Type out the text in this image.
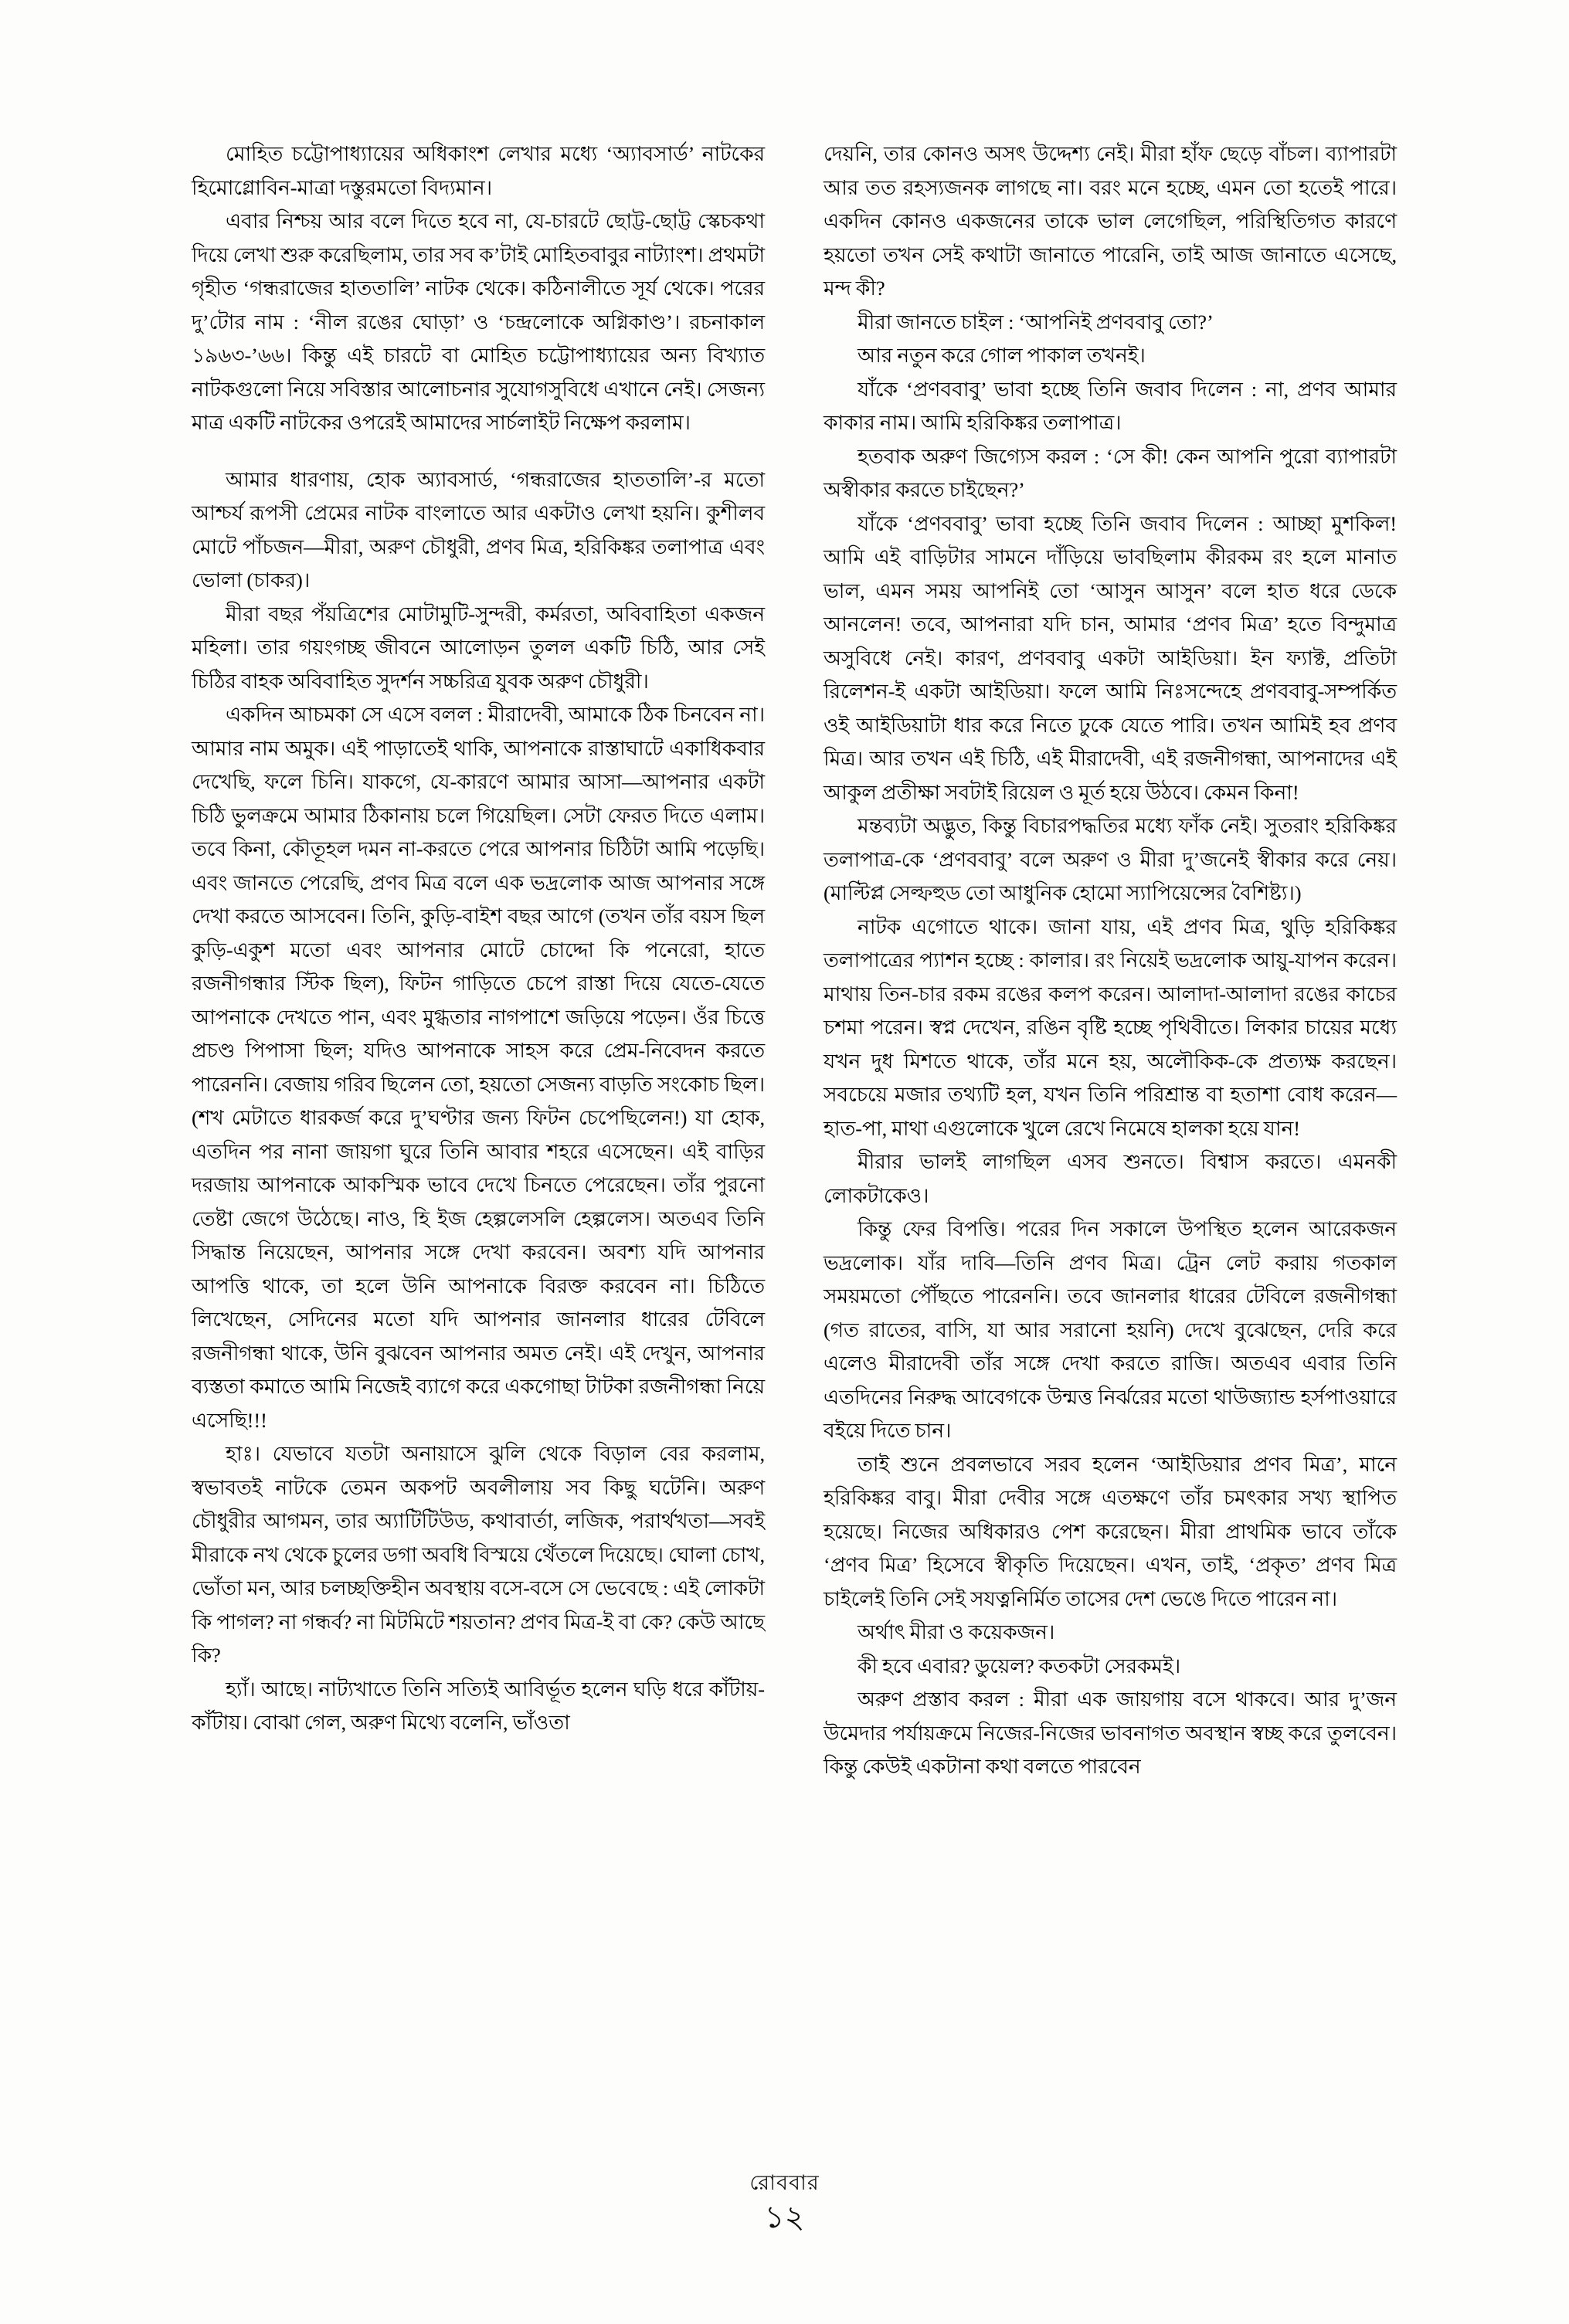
মোহিত চট্টোপাধ্যায়ের অধিকাংশ লেখার মধ্যে ‘অ্যাবসার্ড’ নাটকের হিমোগ্লোবিন-মাত্রা দস্তুরমতো বিদ্যমান।

এবার নিশ্চয় আর বলে দিতে হবে না, যে-চারটে ছোট্ট-ছোট্ট স্কেচকথা দিয়ে লেখা শুরু করেছিলাম, তার সব ক’টাই মোহিতবাবুর নাট্যাংশ। প্রথমটা গৃহীত ‘গন্ধরাজের হাততালি’ নাটক থেকে। কঠিনালীতে সূর্য থেকে। পরের দু’টোর নাম : ‘নীল রঙের ঘোড়া’ ও ‘চন্দ্রলোকে অগ্নিকাণ্ড’। রচনাকাল ১৯৬৩-’৬৬। কিন্তু এই চারটে বা মোহিত চট্টোপাধ্যায়ের অন্য বিখ্যাত নাটকগুলো নিয়ে সবিস্তার আলোচনার সুযোগসুবিধে এখানে নেই। সেজন্য মাত্র একটি নাটকের ওপরেই আমাদের সার্চলাইট নিক্ষেপ করলাম।

আমার ধারণায়, হোক অ্যাবসার্ড, ‘গন্ধরাজের হাততালি’-র মতো আশ্চর্য রূপসী প্রেমের নাটক বাংলাতে আর একটাও লেখা হয়নি। কুশীলব মোটে পাঁচজন—মীরা, অরুণ চৌধুরী, প্রণব মিত্র, হরিকিঙ্কর তলাপাত্র এবং ভোলা (চাকর)।

মীরা বছর পঁয়ত্রিশের মোটামুটি-সুন্দরী, কর্মরতা, অবিবাহিতা একজন মহিলা। তার গয়ংগচ্ছ জীবনে আলোড়ন তুলল একটি চিঠি, আর সেই চিঠির বাহক অবিবাহিত সুদর্শন সচ্চরিত্র যুবক অরুণ চৌধুরী।

একদিন আচমকা সে এসে বলল : মীরাদেবী, আমাকে ঠিক চিনবেন না। আমার নাম অমুক। এই পাড়াতেই থাকি, আপনাকে রাস্তাঘাটে একাধিকবার দেখেছি, ফলে চিনি। যাকগে, যে-কারণে আমার আসা—আপনার একটা চিঠি ভুলক্রমে আমার ঠিকানায় চলে গিয়েছিল। সেটা ফেরত দিতে এলাম। তবে কিনা, কৌতূহল দমন না-করতে পেরে আপনার চিঠিটা আমি পড়েছি। এবং জানতে পেরেছি, প্রণব মিত্র বলে এক ভদ্রলোক আজ আপনার সঙ্গে দেখা করতে আসবেন। তিনি, কুড়ি-বাইশ বছর আগে (তখন তাঁর বয়স ছিল কুড়ি-একুশ মতো এবং আপনার মোটে চোদ্দো কি পনেরো, হাতে রজনীগন্ধার স্টিক ছিল), ফিটন গাড়িতে চেপে রাস্তা দিয়ে যেতে-যেতে আপনাকে দেখতে পান, এবং মুগ্ধতার নাগপাশে জড়িয়ে পড়েন। ওঁর চিত্তে প্রচণ্ড পিপাসা ছিল; যদিও আপনাকে সাহস করে প্রেম-নিবেদন করতে পারেননি। বেজায় গরিব ছিলেন তো, হয়তো সেজন্য বাড়তি সংকোচ ছিল। (শখ মেটাতে ধারকর্জ করে দু’ঘণ্টার জন্য ফিটন চেপেছিলেন!) যা হোক, এতদিন পর নানা জায়গা ঘুরে তিনি আবার শহরে এসেছেন। এই বাড়ির দরজায় আপনাকে আকস্মিক ভাবে দেখে চিনতে পেরেছেন। তাঁর পুরনো তেষ্টা জেগে উঠেছে। নাও, হি ইজ হেল্পলেসলি হেল্পলেস। অতএব তিনি সিদ্ধান্ত নিয়েছেন, আপনার সঙ্গে দেখা করবেন। অবশ্য যদি আপনার আপত্তি থাকে, তা হলে উনি আপনাকে বিরক্ত করবেন না। চিঠিতে লিখেছেন, সেদিনের মতো যদি আপনার জানলার ধারের টেবিলে রজনীগন্ধা থাকে, উনি বুঝবেন আপনার অমত নেই। এই দেখুন, আপনার ব্যস্ততা কমাতে আমি নিজেই ব্যাগে করে একগোছা টাটকা রজনীগন্ধা নিয়ে এসেছি!!!

হাঃ। যেভাবে যতটা অনায়াসে ঝুলি থেকে বিড়াল বের করলাম, স্বভাবতই নাটকে তেমন অকপট অবলীলায় সব কিছু ঘটেনি। অরুণ চৌধুরীর আগমন, তার অ্যাটিটিউড, কথাবার্তা, লজিক, পরার্থখতা—সবই মীরাকে নখ থেকে চুলের ডগা অবধি বিস্ময়ে থেঁতলে দিয়েছে। ঘোলা চোখ, ভোঁতা মন, আর চলচ্ছক্তিহীন অবস্থায় বসে-বসে সে ভেবেছে : এই লোকটা কি পাগল? না গন্ধর্ব? না মিটমিটে শয়তান? প্রণব মিত্র-ই বা কে? কেউ আছে কি?

হ্যাঁ। আছে। নাট্যখাতে তিনি সত্যিই আবির্ভূত হলেন ঘড়ি ধরে কাঁটায়-কাঁটায়। বোঝা গেল, অরুণ মিথ্যে বলেনি, ভাঁওতা

দেয়নি, তার কোনও অসৎ উদ্দেশ্য নেই। মীরা হাঁফ ছেড়ে বাঁচল। ব্যাপারটা আর তত রহস্যজনক লাগছে না। বরং মনে হচ্ছে, এমন তো হতেই পারে। একদিন কোনও একজনের তাকে ভাল লেগেছিল, পরিস্থিতিগত কারণে হয়তো তখন সেই কথাটা জানাতে পারেনি, তাই আজ জানাতে এসেছে, মন্দ কী?

মীরা জানতে চাইল : ‘আপনিই প্রণববাবু তো?’

আর নতুন করে গোল পাকাল তখনই।

যাঁকে ‘প্রণববাবু’ ভাবা হচ্ছে তিনি জবাব দিলেন : না, প্রণব আমার কাকার নাম। আমি হরিকিঙ্কর তলাপাত্র।

হতবাক অরুণ জিগ্যেস করল : ‘সে কী! কেন আপনি পুরো ব্যাপারটা অস্বীকার করতে চাইছেন?’

যাঁকে ‘প্রণববাবু’ ভাবা হচ্ছে তিনি জবাব দিলেন : আচ্ছা মুশকিল! আমি এই বাড়িটার সামনে দাঁড়িয়ে ভাবছিলাম কীরকম রং হলে মানাত ভাল, এমন সময় আপনিই তো ‘আসুন আসুন’ বলে হাত ধরে ডেকে আনলেন! তবে, আপনারা যদি চান, আমার ‘প্রণব মিত্র’ হতে বিন্দুমাত্র অসুবিধে নেই। কারণ, প্রণববাবু একটা আইডিয়া। ইন ফ্যাক্ট, প্রতিটা রিলেশন-ই একটা আইডিয়া। ফলে আমি নিঃসন্দেহে প্রণববাবু-সম্পর্কিত ওই আইডিয়াটা ধার করে নিতে ঢুকে যেতে পারি। তখন আমিই হব প্রণব মিত্র। আর তখন এই চিঠি, এই মীরাদেবী, এই রজনীগন্ধা, আপনাদের এই আকুল প্রতীক্ষা সবটাই রিয়েল ও মূর্ত হয়ে উঠবে। কেমন কিনা!

মন্তব্যটা অদ্ভুত, কিন্তু বিচারপদ্ধতির মধ্যে ফাঁক নেই। সুতরাং হরিকিঙ্কর তলাপাত্র-কে ‘প্রণববাবু’ বলে অরুণ ও মীরা দু’জনেই স্বীকার করে নেয়। (মাল্টিপ্ল সেল্ফহুড তো আধুনিক হোমো স্যাপিয়েন্সের বৈশিষ্ট্য।)

নাটক এগোতে থাকে। জানা যায়, এই প্রণব মিত্র, থুড়ি হরিকিঙ্কর তলাপাত্রের প্যাশন হচ্ছে : কালার। রং নিয়েই ভদ্রলোক আয়ু-যাপন করেন। মাথায় তিন-চার রকম রঙের কলপ করেন। আলাদা-আলাদা রঙের কাচের চশমা পরেন। স্বপ্ন দেখেন, রঙিন বৃষ্টি হচ্ছে পৃথিবীতে। লিকার চায়ের মধ্যে যখন দুধ মিশতে থাকে, তাঁর মনে হয়, অলৌকিক-কে প্রত্যক্ষ করছেন। সবচেয়ে মজার তথ্যটি হল, যখন তিনি পরিশ্রান্ত বা হতাশা বোধ করেন—হাত-পা, মাথা এগুলোকে খুলে রেখে নিমেষে হালকা হয়ে যান!

মীরার ভালই লাগছিল এসব শুনতে। বিশ্বাস করতে। এমনকী লোকটাকেও।

কিন্তু ফের বিপত্তি। পরের দিন সকালে উপস্থিত হলেন আরেকজন ভদ্রলোক। যাঁর দাবি—তিনি প্রণব মিত্র। ট্রেন লেট করায় গতকাল সময়মতো পৌঁছতে পারেননি। তবে জানলার ধারের টেবিলে রজনীগন্ধা (গত রাতের, বাসি, যা আর সরানো হয়নি) দেখে বুঝেছেন, দেরি করে এলেও মীরাদেবী তাঁর সঙ্গে দেখা করতে রাজি। অতএব এবার তিনি এতদিনের নিরুদ্ধ আবেগকে উন্মত্ত নির্ঝরের মতো থাউজ্যান্ড হর্সপাওয়ারে বইয়ে দিতে চান।

তাই শুনে প্রবলভাবে সরব হলেন ‘আইডিয়ার প্রণব মিত্র’, মানে হরিকিঙ্কর বাবু। মীরা দেবীর সঙ্গে এতক্ষণে তাঁর চমৎকার সখ্য স্থাপিত হয়েছে। নিজের অধিকারও পেশ করেছেন। মীরা প্রাথমিক ভাবে তাঁকে ‘প্রণব মিত্র’ হিসেবে স্বীকৃতি দিয়েছেন। এখন, তাই, ‘প্রকৃত’ প্রণব মিত্র চাইলেই তিনি সেই সযত্ননির্মিত তাসের দেশ ভেঙে দিতে পারেন না।

অর্থাৎ মীরা ও কয়েকজন।

কী হবে এবার? ডুয়েল? কতকটা সেরকমই।

অরুণ প্রস্তাব করল : মীরা এক জায়গায় বসে থাকবে। আর দু’জন উমেদার পর্যায়ক্রমে নিজের-নিজের ভাবনাগত অবস্থান স্বচ্ছ করে তুলবেন। কিন্তু কেউই একটানা কথা বলতে পারবেন

রোববার
১২
